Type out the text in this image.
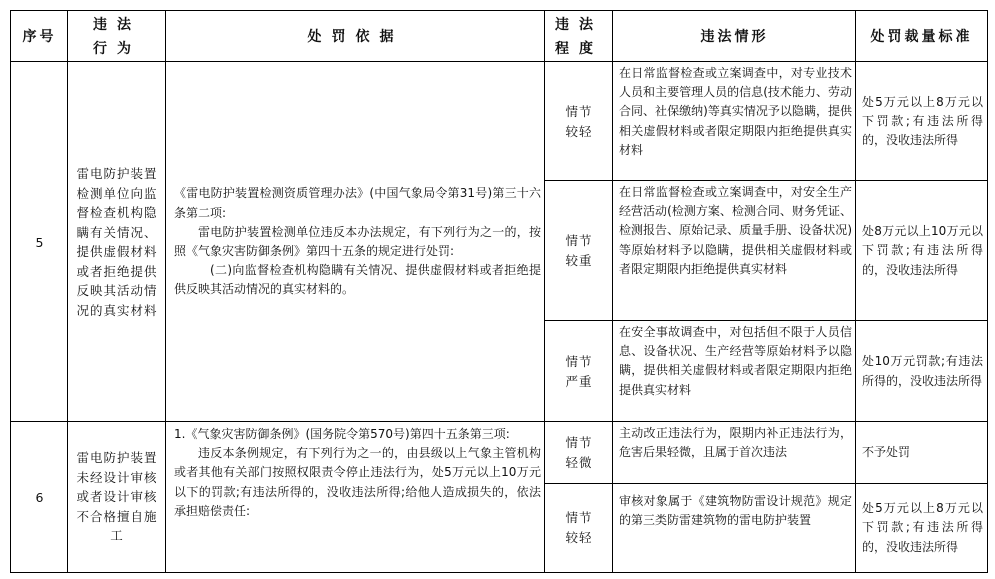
序号
违法
行为
处罚依据
违法
程度
违法情形	处罚裁量标准
5
雷电防护装置检测单位向监督检查机构隐瞒有关情况、提供虚假材料或者拒绝提供反映其活动情况的真实材料

《雷电防护装置检测资质管理办法》(中国气象局令第31号)第三十六条第二项:

雷电防护装置检测单位违反本办法规定，有下列行为之一的，按照《气象灾害防御条例》第四十五条的规定进行处罚:

(二)向监督检查机构隐瞒有关情况、提供虚假材料或者拒绝提供反映其活动情况的真实材料的。

情节
较轻
在日常监督检查或立案调查中，对专业技术人员和主要管理人员的信息(技术能力、劳动合同、社保缴纳)等真实情况予以隐瞒，提供相关虚假材料或者限定期限内拒绝提供真实材料
处5万元以上8万元以下罚款;有违法所得的，没收违法所得
情节
较重
在日常监督检查或立案调查中，对安全生产经营活动(检测方案、检测合同、财务凭证、检测报告、原始记录、质量手册、设备状况)等原始材料予以隐瞒，提供相关虚假材料或者限定期限内拒绝提供真实材料
处8万元以上10万元以下罚款;有违法所得的，没收违法所得
情节
严重
在安全事故调查中，对包括但不限于人员信息、设备状况、生产经营等原始材料予以隐瞒，提供相关虚假材料或者限定期限内拒绝提供真实材料
处10万元罚款;有违法所得的，没收违法所得
6
雷电防护装置未经设计审核或者设计审核不合格擅自施工

1.《气象灾害防御条例》(国务院令第570号)第四十五条第三项:

违反本条例规定，有下列行为之一的，由县级以上气象主管机构或者其他有关部门按照权限责令停止违法行为，处5万元以上10万元以下的罚款;有违法所得的，没收违法所得;给他人造成损失的，依法承担赔偿责任:

情节
轻微
主动改正违法行为，限期内补正违法行为，危害后果轻微，且属于首次违法	不予处罚
情节
较轻
审核对象属于《建筑物防雷设计规范》规定的第三类防雷建筑物的雷电防护装置
处5万元以上8万元以下罚款;有违法所得的，没收违法所得
